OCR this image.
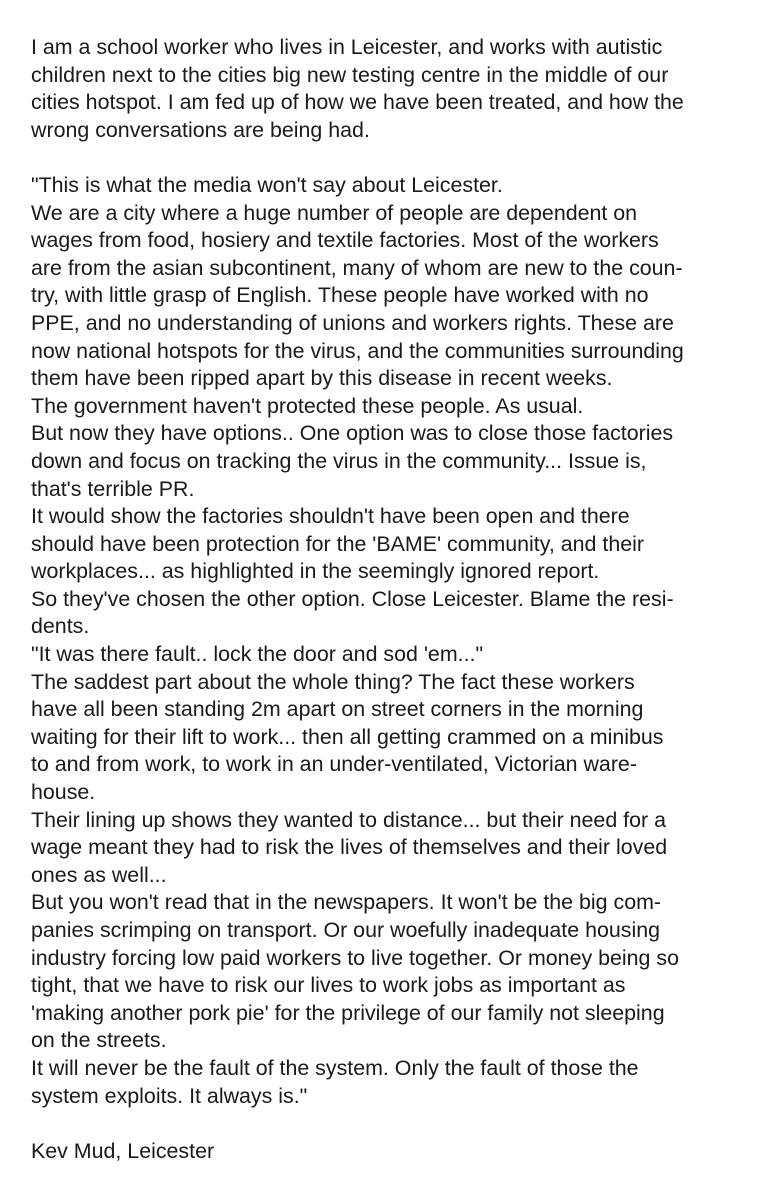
I am a school worker who lives in Leicester, and works with autistic
children next to the cities big new testing centre in the middle of our
cities hotspot. I am fed up of how we have been treated, and how the
wrong conversations are being had.
"This is what the media won't say about Leicester.
We are a city where a huge number of people are dependent on
wages from food, hosiery and textile factories. Most of the workers
are from the asian subcontinent, many of whom are new to the coun-
try, with little grasp of English. These people have worked with no
PPE, and no understanding of unions and workers rights. These are
now national hotspots for the virus, and the communities surrounding
them have been ripped apart by this disease in recent weeks.
The government haven't protected these people. As usual.
But now they have options.. One option was to close those factories
down and focus on tracking the virus in the community... Issue is,
that's terrible PR.
It would show the factories shouldn't have been open and there
should have been protection for the 'BAME' community, and their
workplaces... as highlighted in the seemingly ignored report.
So they've chosen the other option. Close Leicester. Blame the resi-
dents.
"It was there fault.. lock the door and sod 'em..."
The saddest part about the whole thing? The fact these workers
have all been standing 2m apart on street corners in the morning
waiting for their lift to work... then all getting crammed on a minibus
to and from work, to work in an under-ventilated, Victorian ware-
house.
Their lining up shows they wanted to distance... but their need for a
wage meant they had to risk the lives of themselves and their loved
ones as well...
But you won't read that in the newspapers. It won't be the big com-
panies scrimping on transport. Or our woefully inadequate housing
industry forcing low paid workers to live together. Or money being so
tight, that we have to risk our lives to work jobs as important as
'making another pork pie' for the privilege of our family not sleeping
on the streets.
It will never be the fault of the system. Only the fault of those the
system exploits. It always is."
Kev Mud, Leicester
